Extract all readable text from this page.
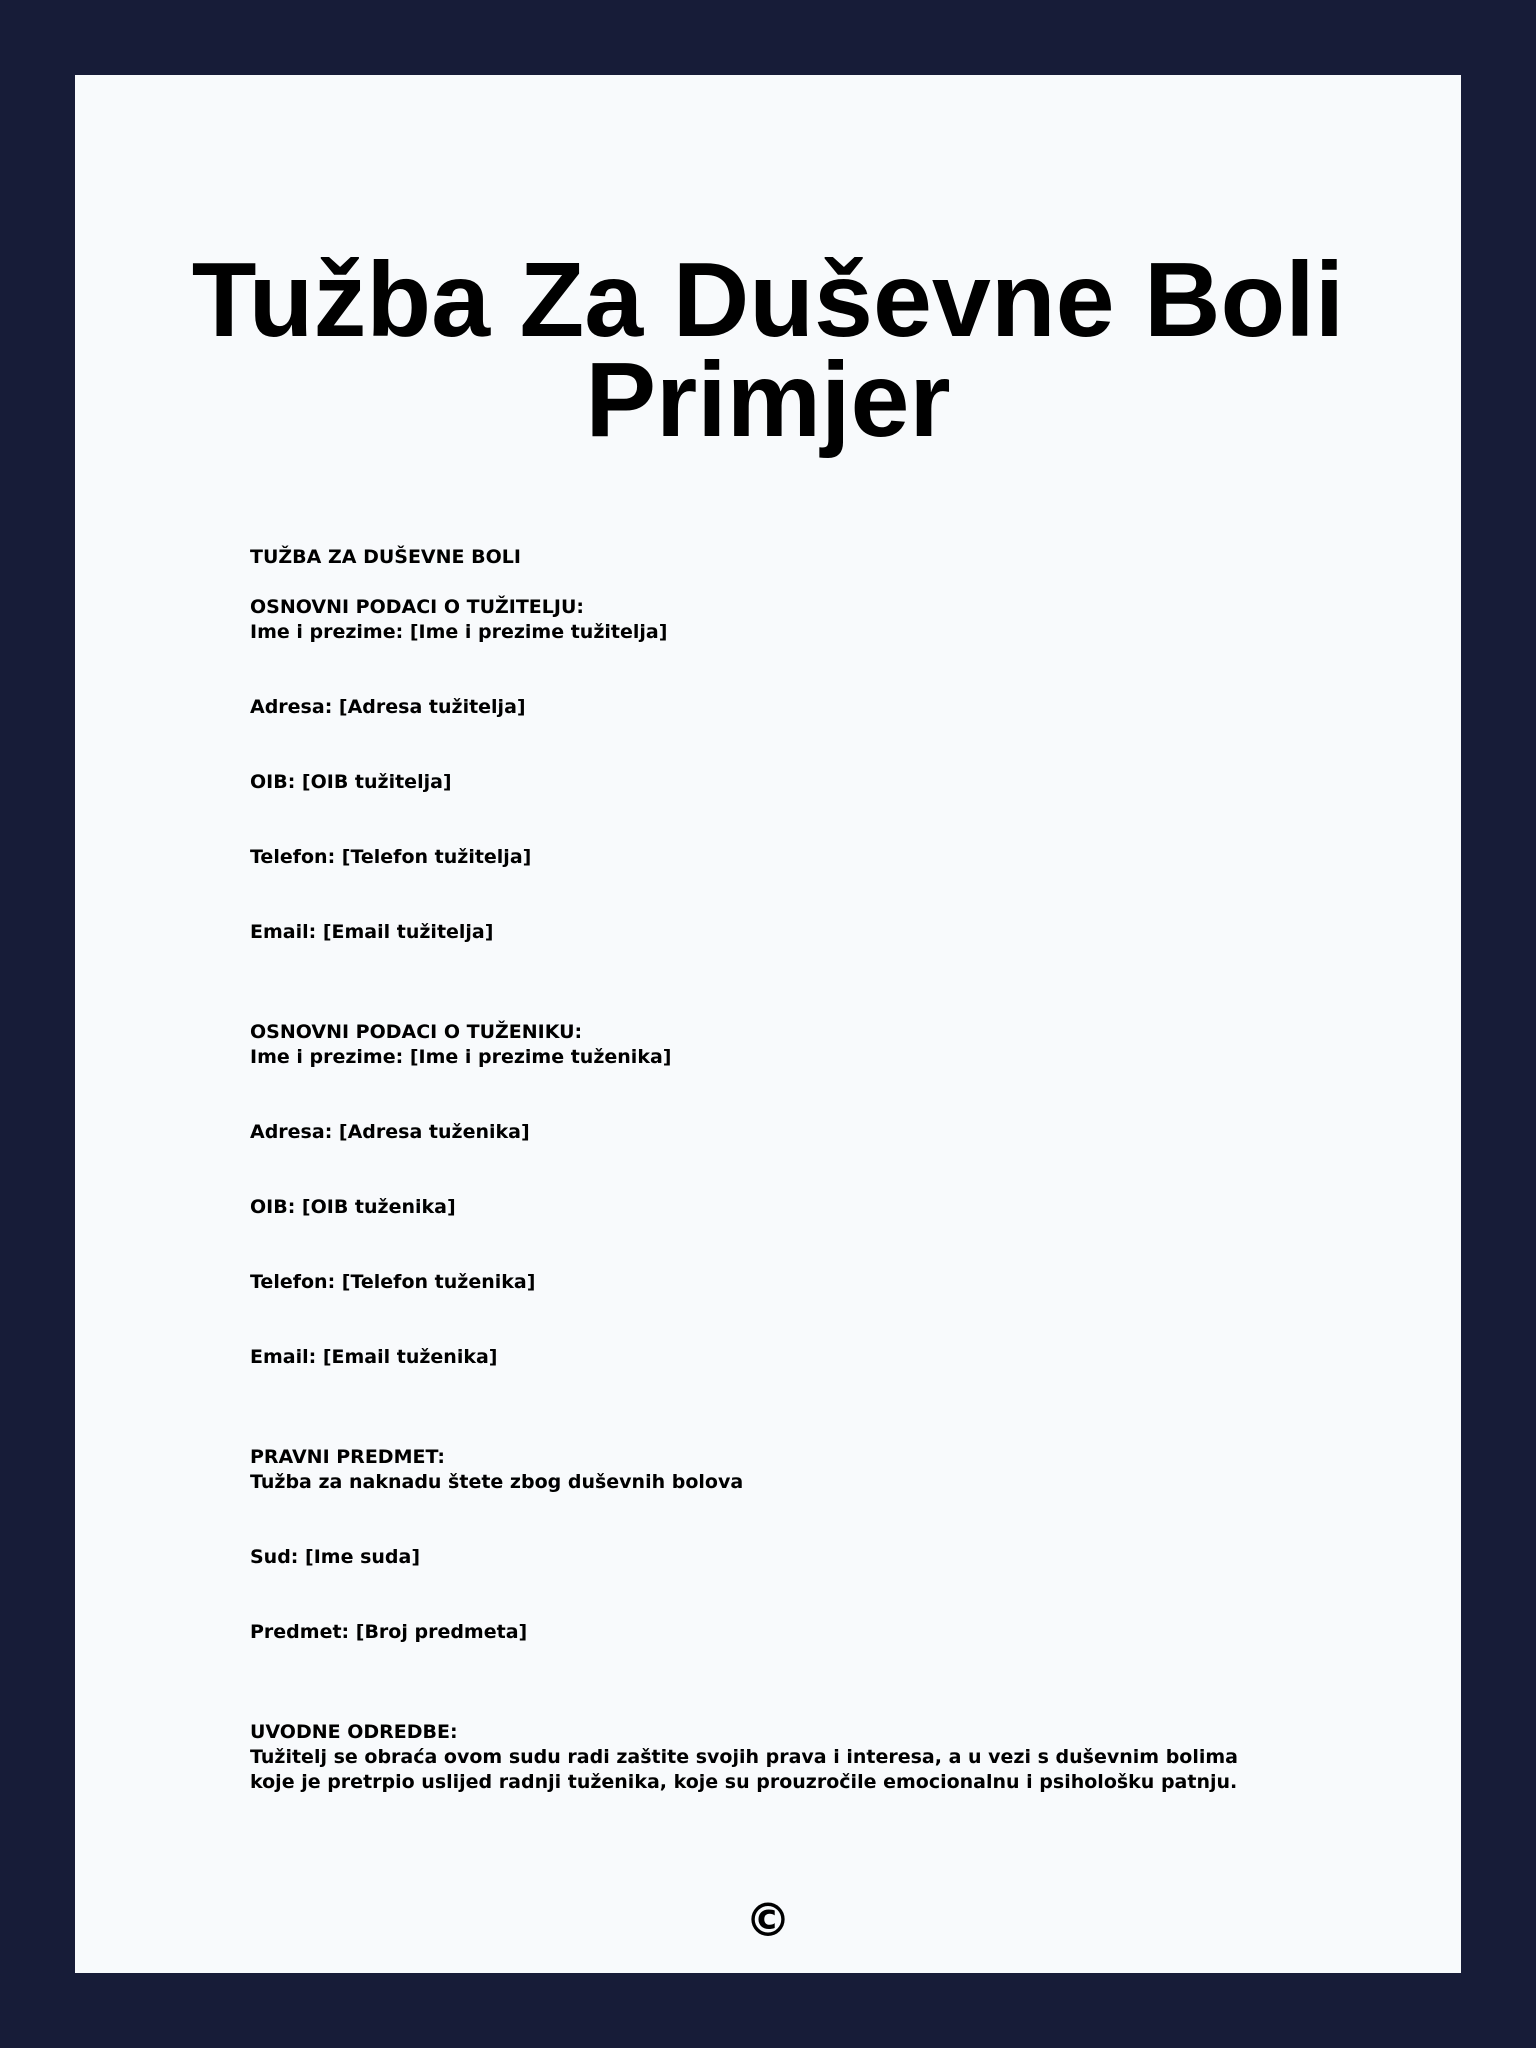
Tužba Za Duševne Boli Primjer
TUŽBA ZA DUŠEVNE BOLI
OSNOVNI PODACI O TUŽITELJU:
Ime i prezime: [Ime i prezime tužitelja]
Adresa: [Adresa tužitelja]
OIB: [OIB tužitelja]
Telefon: [Telefon tužitelja]
Email: [Email tužitelja]
OSNOVNI PODACI O TUŽENIKU:
Ime i prezime: [Ime i prezime tuženika]
Adresa: [Adresa tuženika]
OIB: [OIB tuženika]
Telefon: [Telefon tuženika]
Email: [Email tuženika]
PRAVNI PREDMET:
Tužba za naknadu štete zbog duševnih bolova
Sud: [Ime suda]
Predmet: [Broj predmeta]
UVODNE ODREDBE:
Tužitelj se obraća ovom sudu radi zaštite svojih prava i interesa, a u vezi s duševnim bolima koje je pretrpio uslijed radnji tuženika, koje su prouzročile emocionalnu i psihološku patnju.
©
